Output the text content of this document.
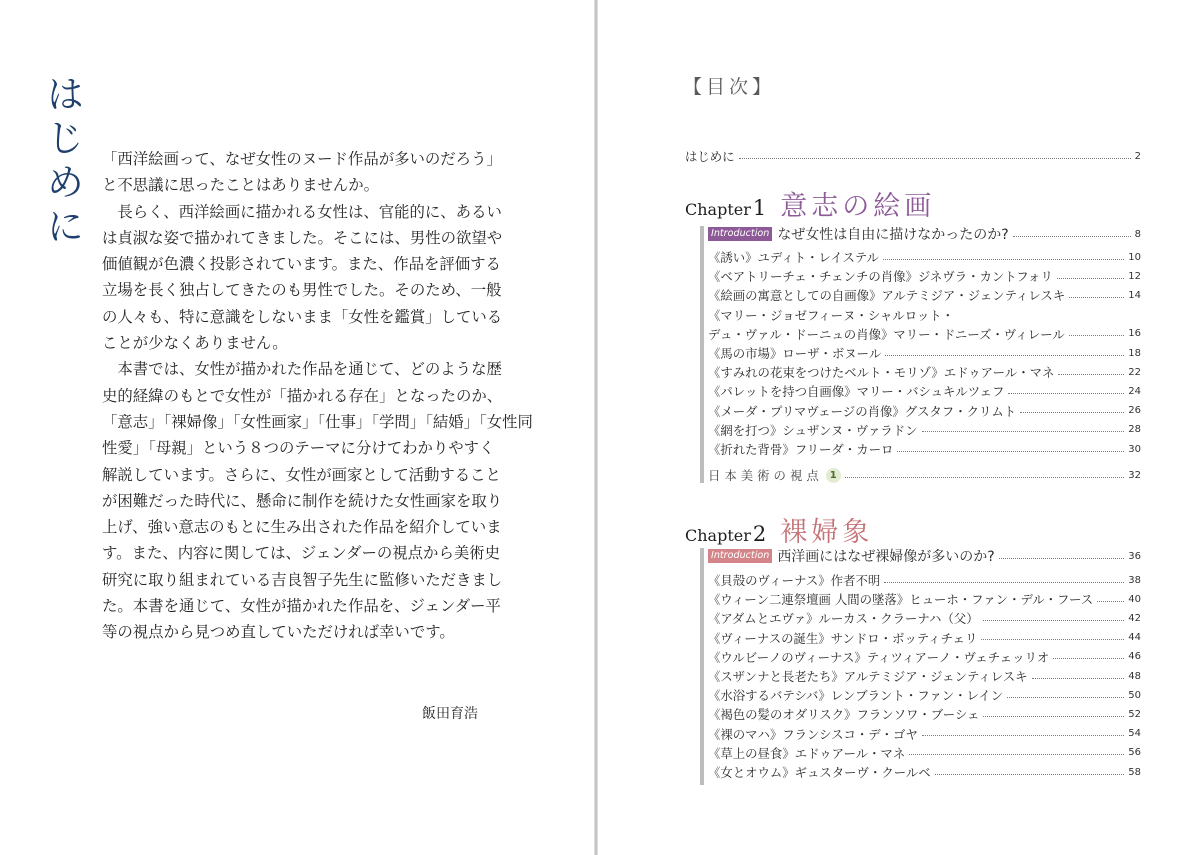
はじめに 「西洋絵画って、なぜ女性のヌード作品が多いのだろう」
と不思議に思ったことはありませんか。
　長らく、西洋絵画に描かれる女性は、官能的に、あるい
は貞淑な姿で描かれてきました。そこには、男性の欲望や
価値観が色濃く投影されています。また、作品を評価する
立場を長く独占してきたのも男性でした。そのため、一般
の人々も、特に意識をしないまま「女性を鑑賞」している
ことが少なくありません。
　本書では、女性が描かれた作品を通じて、どのような歴
史的経緯のもとで女性が「描かれる存在」となったのか、
「意志」「裸婦像」「女性画家」「仕事」「学問」「結婚」「女性同
性愛」「母親」という８つのテーマに分けてわかりやすく
解説しています。さらに、女性が画家として活動すること
が困難だった時代に、懸命に制作を続けた女性画家を取り
上げ、強い意志のもとに生み出された作品を紹介していま
す。また、内容に関しては、ジェンダーの視点から美術史
研究に取り組まれている吉良智子先生に監修いただきまし
た。本書を通じて、女性が描かれた作品を、ジェンダー平
等の視点から見つめ直していただければ幸いです。
飯田育浩
【目次】
はじめに	2
Chapter 1 意志の絵画
Introduction なぜ女性は自由に描けなかったのか?	8
《誘い》ユディト・レイステル	10
《ベアトリーチェ・チェンチの肖像》ジネヴラ・カントフォリ	12
《絵画の寓意としての自画像》アルテミジア・ジェンティレスキ	14
《マリー・ジョゼフィーヌ・シャルロット・
デュ・ヴァル・ドーニュの肖像》マリー・ドニーズ・ヴィレール	16
《馬の市場》ローザ・ボヌール	18
《すみれの花束をつけたベルト・モリゾ》エドゥアール・マネ	22
《パレットを持つ自画像》マリー・バシュキルツェフ	24
《メーダ・プリマヴェージの肖像》グスタフ・クリムト	26
《網を打つ》シュザンヌ・ヴァラドン	28
《折れた背骨》フリーダ・カーロ	30
日本美術の視点 1	32
Chapter 2 裸婦象
Introduction 西洋画にはなぜ裸婦像が多いのか?	36
《貝殻のヴィーナス》作者不明	38
《ウィーン二連祭壇画 人間の墜落》ヒューホ・ファン・デル・フース	40
《アダムとエヴァ》ルーカス・クラーナハ（父）	42
《ヴィーナスの誕生》サンドロ・ボッティチェリ	44
《ウルビーノのヴィーナス》ティツィアーノ・ヴェチェッリオ	46
《スザンナと長老たち》アルテミジア・ジェンティレスキ	48
《水浴するバテシバ》レンブラント・ファン・レイン	50
《褐色の髪のオダリスク》フランソワ・ブーシェ	52
《裸のマハ》フランシスコ・デ・ゴヤ	54
《草上の昼食》エドゥアール・マネ	56
《女とオウム》ギュスターヴ・クールベ	58
